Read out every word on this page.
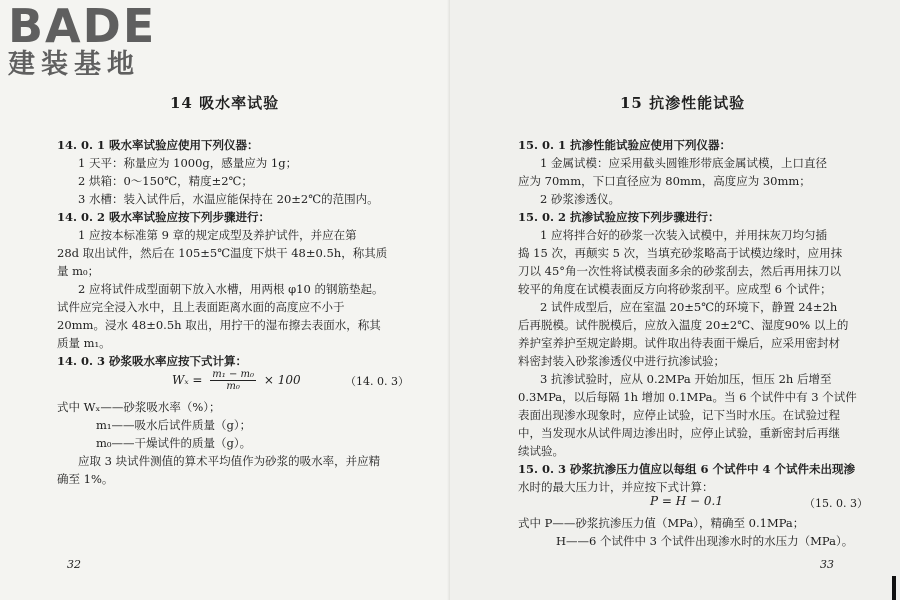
BADE
建装基地
14 吸水率试验
14. 0. 1 吸水率试验应使用下列仪器：
1 天平：称量应为 1000g，感量应为 1g；
2 烘箱：0～150℃，精度±2℃；
3 水槽：装入试件后，水温应能保持在 20±2℃的范围内。
14. 0. 2 吸水率试验应按下列步骤进行：
1 应按本标准第 9 章的规定成型及养护试件，并应在第
28d 取出试件，然后在 105±5℃温度下烘干 48±0.5h，称其质
量 m₀；
2 应将试件成型面朝下放入水槽，用两根 φ10 的钢筋垫起。
试件应完全浸入水中，且上表面距离水面的高度应不小于
20mm。浸水 48±0.5h 取出，用拧干的湿布擦去表面水，称其
质量 m₁。
14. 0. 3 砂浆吸水率应按下式计算：
$W_x = \frac{\text{m₁ − m₀}}{\text{m₀}} \times 100$	（14. 0. 3）
式中 Wₓ——砂浆吸水率（%）；
m₁——吸水后试件质量（g）；
m₀——干燥试件的质量（g）。
应取 3 块试件测值的算术平均值作为砂浆的吸水率，并应精
确至 1%。
32
15 抗渗性能试验
15. 0. 1 抗渗性能试验应使用下列仪器：
1 金属试模：应采用截头圆锥形带底金属试模，上口直径
应为 70mm，下口直径应为 80mm，高度应为 30mm；
2 砂浆渗透仪。
15. 0. 2 抗渗试验应按下列步骤进行：
1 应将拌合好的砂浆一次装入试模中，并用抹灰刀均匀插
捣 15 次，再颠实 5 次，当填充砂浆略高于试模边缘时，应用抹
刀以 45°角一次性将试模表面多余的砂浆刮去，然后再用抹刀以
较平的角度在试模表面反方向将砂浆刮平。应成型 6 个试件；
2 试件成型后，应在室温 20±5℃的环境下，静置 24±2h
后再脱模。试件脱模后，应放入温度 20±2℃、湿度90% 以上的
养护室养护至规定龄期。试件取出待表面干燥后，应采用密封材
料密封装入砂浆渗透仪中进行抗渗试验；
3 抗渗试验时，应从 0.2MPa 开始加压，恒压 2h 后增至
0.3MPa，以后每隔 1h 增加 0.1MPa。当 6 个试件中有 3 个试件
表面出现渗水现象时，应停止试验，记下当时水压。在试验过程
中，当发现水从试件周边渗出时，应停止试验，重新密封后再继
续试验。
15. 0. 3 砂浆抗渗压力值应以每组 6 个试件中 4 个试件未出现渗
水时的最大压力计，并应按下式计算：
P = H − 0.1	（15. 0. 3）
式中 P——砂浆抗渗压力值（MPa），精确至 0.1MPa；
H——6 个试件中 3 个试件出现渗水时的水压力（MPa）。
33
